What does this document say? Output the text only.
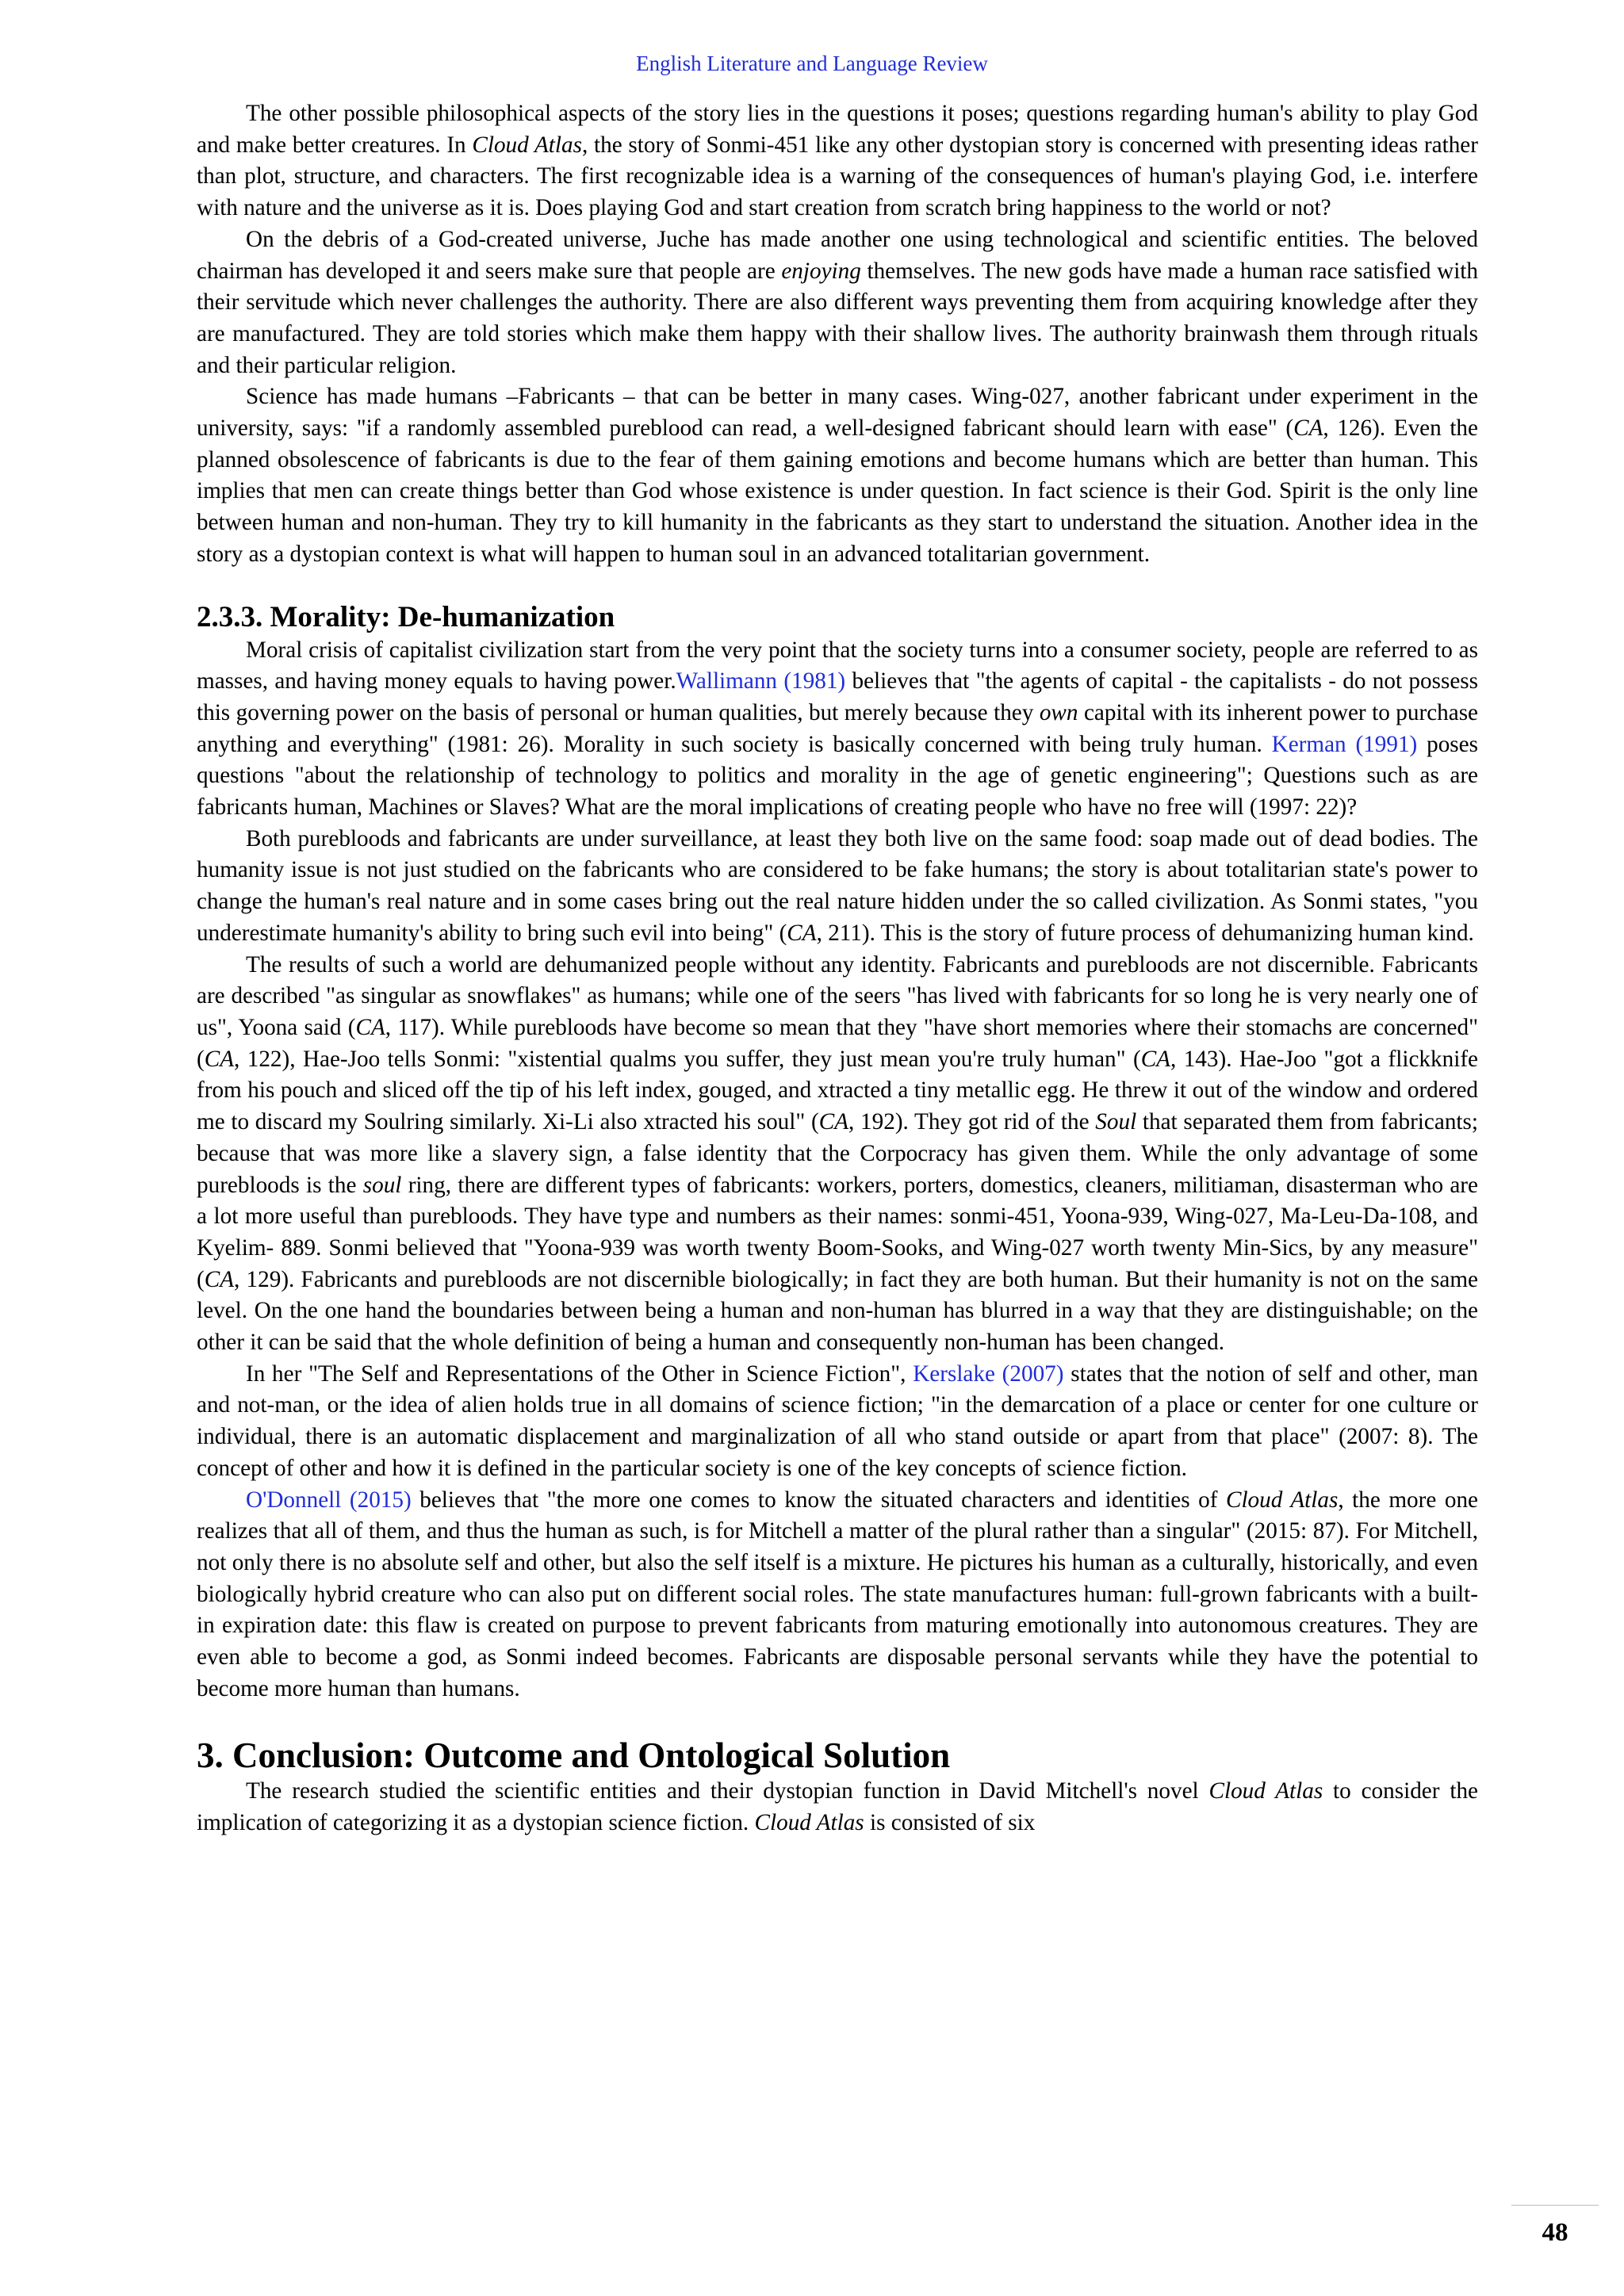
English Literature and Language Review

The other possible philosophical aspects of the story lies in the questions it poses; questions regarding human's ability to play God and make better creatures. In Cloud Atlas, the story of Sonmi-451 like any other dystopian story is concerned with presenting ideas rather than plot, structure, and characters. The first recognizable idea is a warning of the consequences of human's playing God, i.e. interfere with nature and the universe as it is. Does playing God and start creation from scratch bring happiness to the world or not?

On the debris of a God-created universe, Juche has made another one using technological and scientific entities. The beloved chairman has developed it and seers make sure that people are enjoying themselves. The new gods have made a human race satisfied with their servitude which never challenges the authority. There are also different ways preventing them from acquiring knowledge after they are manufactured. They are told stories which make them happy with their shallow lives. The authority brainwash them through rituals and their particular religion.

Science has made humans –Fabricants – that can be better in many cases. Wing-027, another fabricant under experiment in the university, says: "if a randomly assembled pureblood can read, a well-designed fabricant should learn with ease" (CA, 126). Even the planned obsolescence of fabricants is due to the fear of them gaining emotions and become humans which are better than human. This implies that men can create things better than God whose existence is under question. In fact science is their God. Spirit is the only line between human and non-human. They try to kill humanity in the fabricants as they start to understand the situation. Another idea in the story as a dystopian context is what will happen to human soul in an advanced totalitarian government.

2.3.3. Morality: De-humanization

Moral crisis of capitalist civilization start from the very point that the society turns into a consumer society, people are referred to as masses, and having money equals to having power.Wallimann (1981) believes that "the agents of capital - the capitalists - do not possess this governing power on the basis of personal or human qualities, but merely because they own capital with its inherent power to purchase anything and everything" (1981: 26). Morality in such society is basically concerned with being truly human. Kerman (1991) poses questions "about the relationship of technology to politics and morality in the age of genetic engineering"; Questions such as are fabricants human, Machines or Slaves? What are the moral implications of creating people who have no free will (1997: 22)?

Both purebloods and fabricants are under surveillance, at least they both live on the same food: soap made out of dead bodies. The humanity issue is not just studied on the fabricants who are considered to be fake humans; the story is about totalitarian state's power to change the human's real nature and in some cases bring out the real nature hidden under the so called civilization. As Sonmi states, "you underestimate humanity's ability to bring such evil into being" (CA, 211). This is the story of future process of dehumanizing human kind.

The results of such a world are dehumanized people without any identity. Fabricants and purebloods are not discernible. Fabricants are described "as singular as snowflakes" as humans; while one of the seers "has lived with fabricants for so long he is very nearly one of us", Yoona said (CA, 117). While purebloods have become so mean that they "have short memories where their stomachs are concerned" (CA, 122), Hae-Joo tells Sonmi: "xistential qualms you suffer, they just mean you're truly human" (CA, 143). Hae-Joo "got a flickknife from his pouch and sliced off the tip of his left index, gouged, and xtracted a tiny metallic egg. He threw it out of the window and ordered me to discard my Soulring similarly. Xi-Li also xtracted his soul" (CA, 192). They got rid of the Soul that separated them from fabricants; because that was more like a slavery sign, a false identity that the Corpocracy has given them. While the only advantage of some purebloods is the soul ring, there are different types of fabricants: workers, porters, domestics, cleaners, militiaman, disasterman who are a lot more useful than purebloods. They have type and numbers as their names: sonmi-451, Yoona-939, Wing-027, Ma-Leu-Da-108, and Kyelim- 889. Sonmi believed that "Yoona-939 was worth twenty Boom-Sooks, and Wing-027 worth twenty Min-Sics, by any measure" (CA, 129). Fabricants and purebloods are not discernible biologically; in fact they are both human. But their humanity is not on the same level. On the one hand the boundaries between being a human and non-human has blurred in a way that they are distinguishable; on the other it can be said that the whole definition of being a human and consequently non-human has been changed.

In her "The Self and Representations of the Other in Science Fiction", Kerslake (2007) states that the notion of self and other, man and not-man, or the idea of alien holds true in all domains of science fiction; "in the demarcation of a place or center for one culture or individual, there is an automatic displacement and marginalization of all who stand outside or apart from that place" (2007: 8). The concept of other and how it is defined in the particular society is one of the key concepts of science fiction.

O'Donnell (2015) believes that "the more one comes to know the situated characters and identities of Cloud Atlas, the more one realizes that all of them, and thus the human as such, is for Mitchell a matter of the plural rather than a singular" (2015: 87). For Mitchell, not only there is no absolute self and other, but also the self itself is a mixture. He pictures his human as a culturally, historically, and even biologically hybrid creature who can also put on different social roles. The state manufactures human: full-grown fabricants with a built-in expiration date: this flaw is created on purpose to prevent fabricants from maturing emotionally into autonomous creatures. They are even able to become a god, as Sonmi indeed becomes. Fabricants are disposable personal servants while they have the potential to become more human than humans.

3. Conclusion: Outcome and Ontological Solution

The research studied the scientific entities and their dystopian function in David Mitchell's novel Cloud Atlas to consider the implication of categorizing it as a dystopian science fiction. Cloud Atlas is consisted of six

48
